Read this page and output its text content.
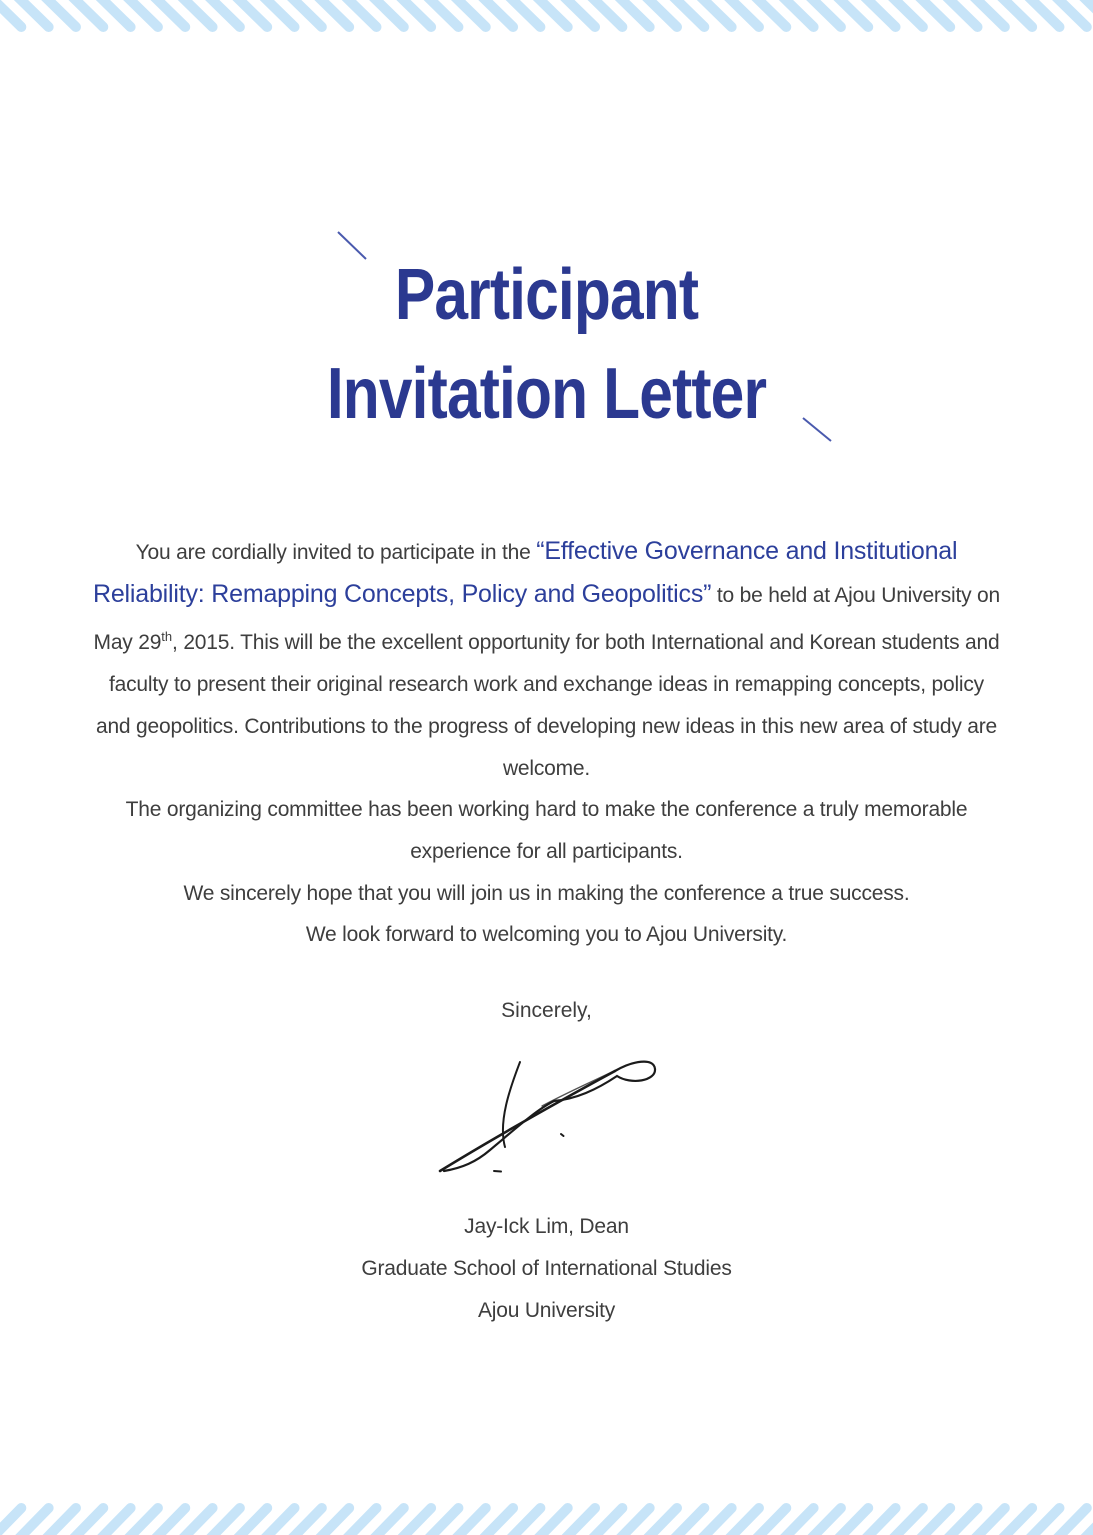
Participant
Invitation Letter

You are cordially invited to participate in the “Effective Governance and Institutional Reliability: Remapping Concepts, Policy and Geopolitics” to be held at Ajou University on May 29th, 2015. This will be the excellent opportunity for both International and Korean students and faculty to present their original research work and exchange ideas in remapping concepts, policy and geopolitics. Contributions to the progress of developing new ideas in this new area of study are welcome.
The organizing committee has been working hard to make the conference a truly memorable experience for all participants.
We sincerely hope that you will join us in making the conference a true success.
We look forward to welcoming you to Ajou University.

Sincerely,
Jay-Ick Lim, Dean
Graduate School of International Studies
Ajou University
